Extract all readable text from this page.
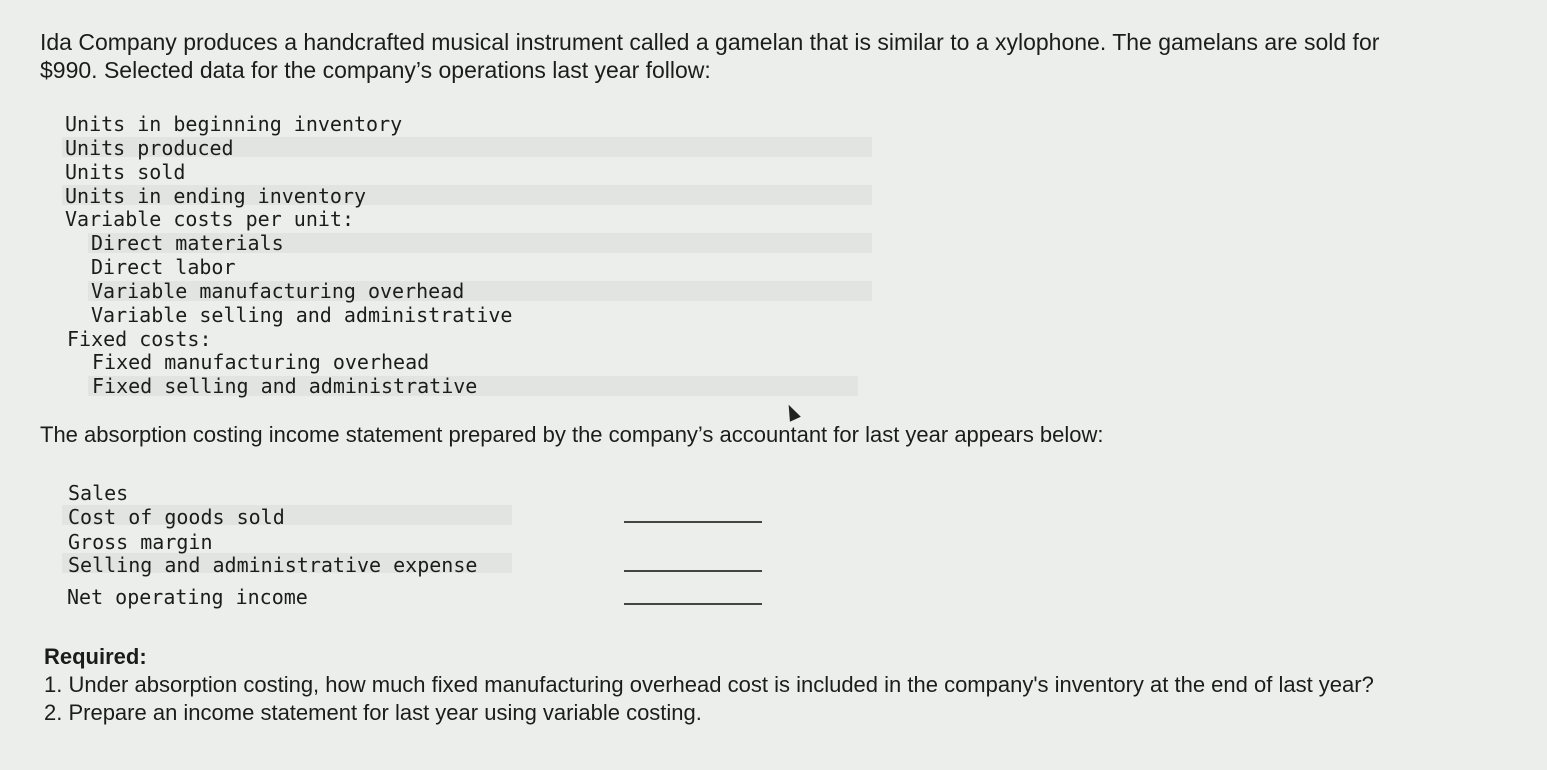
Ida Company produces a handcrafted musical instrument called a gamelan that is similar to a xylophone. The gamelans are sold for $990. Selected data for the company’s operations last year follow:
Units in beginning inventory
Units produced
Units sold
Units in ending inventory
Variable costs per unit:
Direct materials
Direct labor
Variable manufacturing overhead
Variable selling and administrative
Fixed costs:
Fixed manufacturing overhead
Fixed selling and administrative
The absorption costing income statement prepared by the company’s accountant for last year appears below:
Sales
Cost of goods sold
Gross margin
Selling and administrative expense
Net operating income
Required:
1. Under absorption costing, how much fixed manufacturing overhead cost is included in the company's inventory at the end of last year?
2. Prepare an income statement for last year using variable costing.
